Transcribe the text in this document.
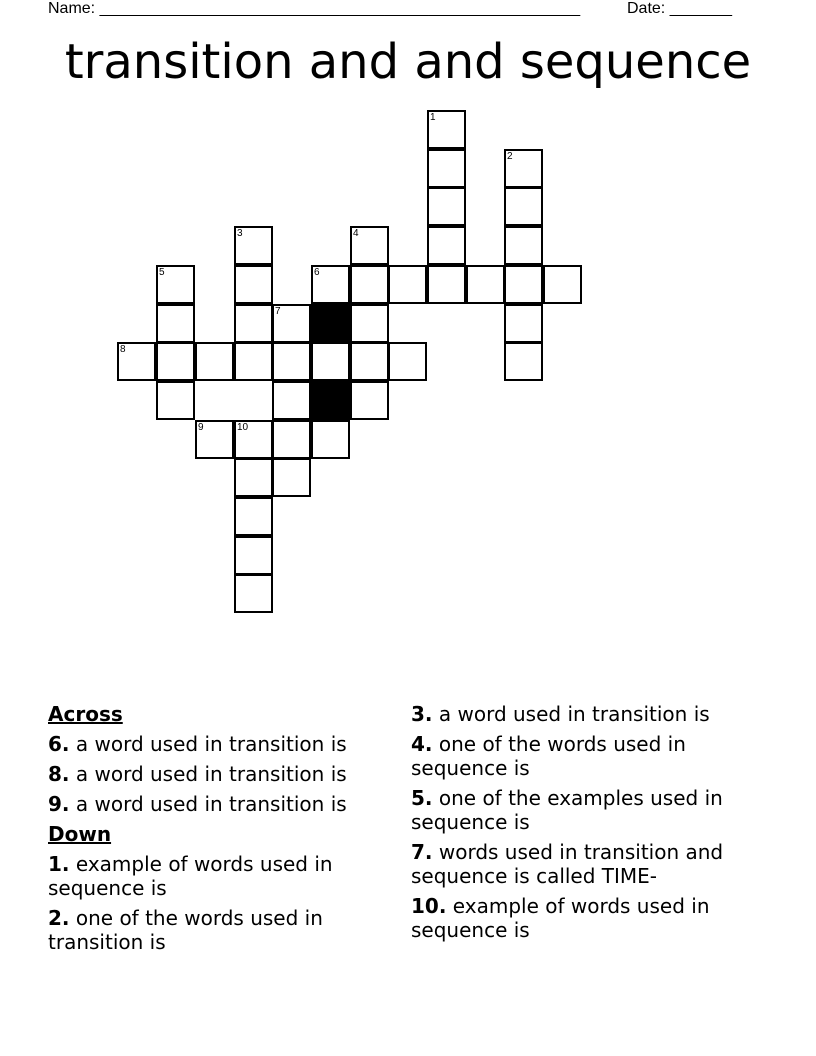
Name: ______________________________________________________	Date: _______
transition and and sequence
1
2
3	4
5	6
7
8
9	10
Across
6. a word used in transition is
8. a word used in transition is
9. a word used in transition is
Down
1. example of words used in sequence is
2. one of the words used in transition is
3. a word used in transition is
4. one of the words used in sequence is
5. one of the examples used in sequence is
7. words used in transition and sequence is called TIME-
10. example of words used in sequence is
